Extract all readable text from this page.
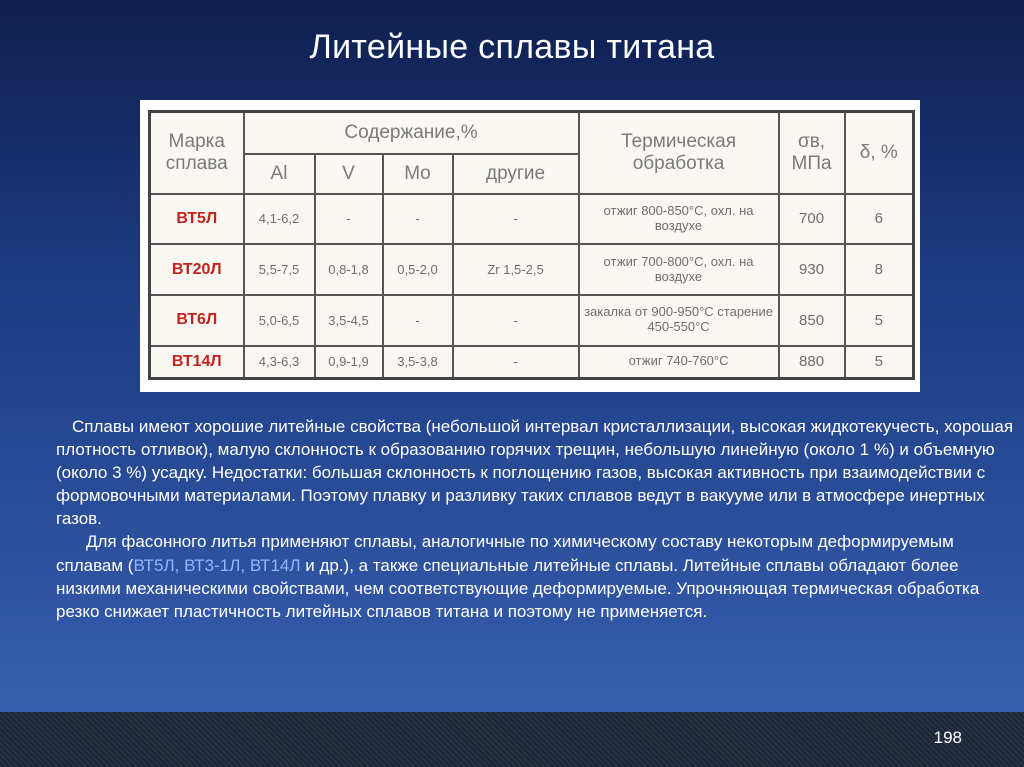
Литейные сплавы титана
Марка сплава	Содержание,%				Термическая обработка	σв, МПа	δ, %
	Al	V	Mo	другие			
ВТ5Л	4,1-6,2	-	-	-	отжиг 800-850°С, охл. на воздухе	700	6
ВТ20Л	5,5-7,5	0,8-1,8	0,5-2,0	Zr 1,5-2,5	отжиг 700-800°С, охл. на воздухе	930	8
ВТ6Л	5,0-6,5	3,5-4,5	-	-	закалка от 900-950°С старение 450-550°С	850	5
ВТ14Л	4,3-6,3	0,9-1,9	3,5-3,8	-	отжиг 740-760°С	880	5

Сплавы имеют хорошие литейные свойства (небольшой интервал кристаллизации, высокая жидкотекучесть, хорошая плотность отливок), малую склонность к образованию горячих трещин, небольшую линейную (около 1 %) и объемную (около 3 %) усадку. Недостатки: большая склонность к поглощению газов, высокая активность при взаимодействии с формовочными материалами. Поэтому плавку и разливку таких сплавов ведут в вакууме или в атмосфере инертных газов.

Для фасонного литья применяют сплавы, аналогичные по химическому составу некоторым деформируемым сплавам (ВТ5Л, ВТ3-1Л, ВТ14Л и др.), а также специальные литейные сплавы. Литейные сплавы обладают более низкими механическими свойствами, чем соответствующие деформируемые. Упрочняющая термическая обработка резко снижает пластичность литейных сплавов титана и поэтому не применяется.

198
